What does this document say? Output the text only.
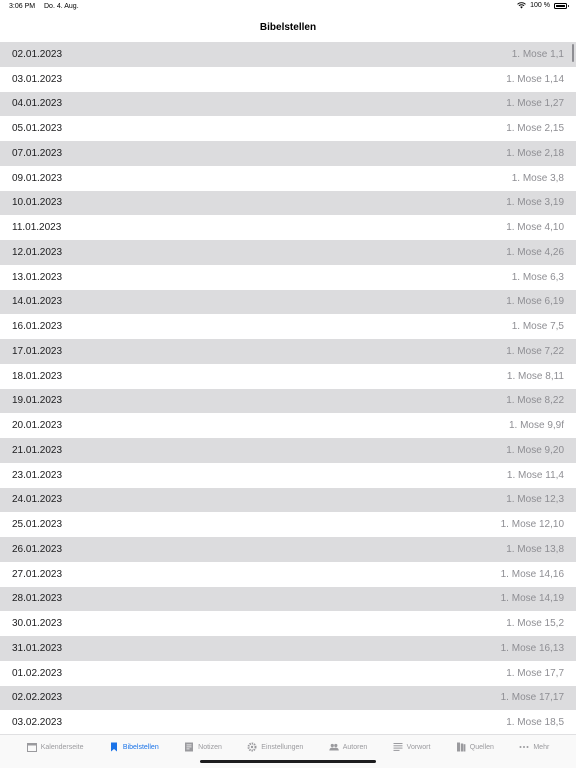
3:06 PM Do. 4. Aug.	100 %
Bibelstellen
02.01.2023	1. Mose 1,1
03.01.2023	1. Mose 1,14
04.01.2023	1. Mose 1,27
05.01.2023	1. Mose 2,15
07.01.2023	1. Mose 2,18
09.01.2023	1. Mose 3,8
10.01.2023	1. Mose 3,19
11.01.2023	1. Mose 4,10
12.01.2023	1. Mose 4,26
13.01.2023	1. Mose 6,3
14.01.2023	1. Mose 6,19
16.01.2023	1. Mose 7,5
17.01.2023	1. Mose 7,22
18.01.2023	1. Mose 8,11
19.01.2023	1. Mose 8,22
20.01.2023	1. Mose 9,9f
21.01.2023	1. Mose 9,20
23.01.2023	1. Mose 11,4
24.01.2023	1. Mose 12,3
25.01.2023	1. Mose 12,10
26.01.2023	1. Mose 13,8
27.01.2023	1. Mose 14,16
28.01.2023	1. Mose 14,19
30.01.2023	1. Mose 15,2
31.01.2023	1. Mose 16,13
01.02.2023	1. Mose 17,7
02.02.2023	1. Mose 17,17
03.02.2023	1. Mose 18,5
Kalenderseite	Bibelstellen	Notizen	Einstellungen	Autoren	Vorwort	Quellen	Mehr
